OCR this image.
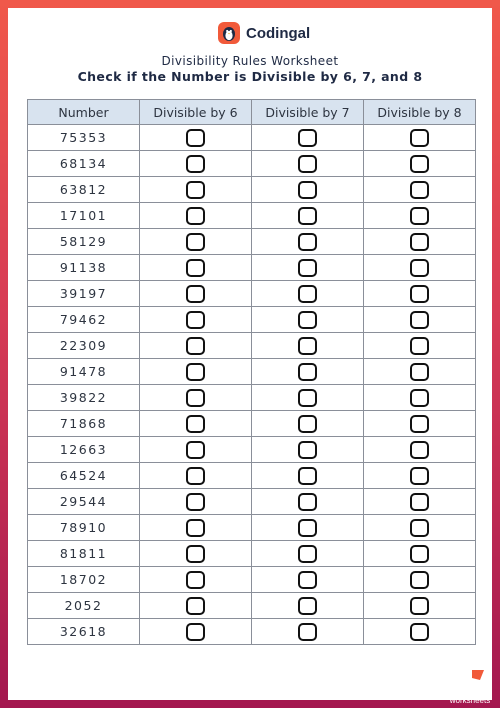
Codingal
Divisibility Rules Worksheet
Check if the Number is Divisible by 6, 7, and 8
Number	Divisible by 6	Divisible by 7	Divisible by 8
75353			
68134			
63812			
17101			
58129			
91138			
39197			
79462			
22309			
91478			
39822			
71868			
12663			
64524			
29544			
78910			
81811			
18702			
2052			
32618			
TOP
worksheets
